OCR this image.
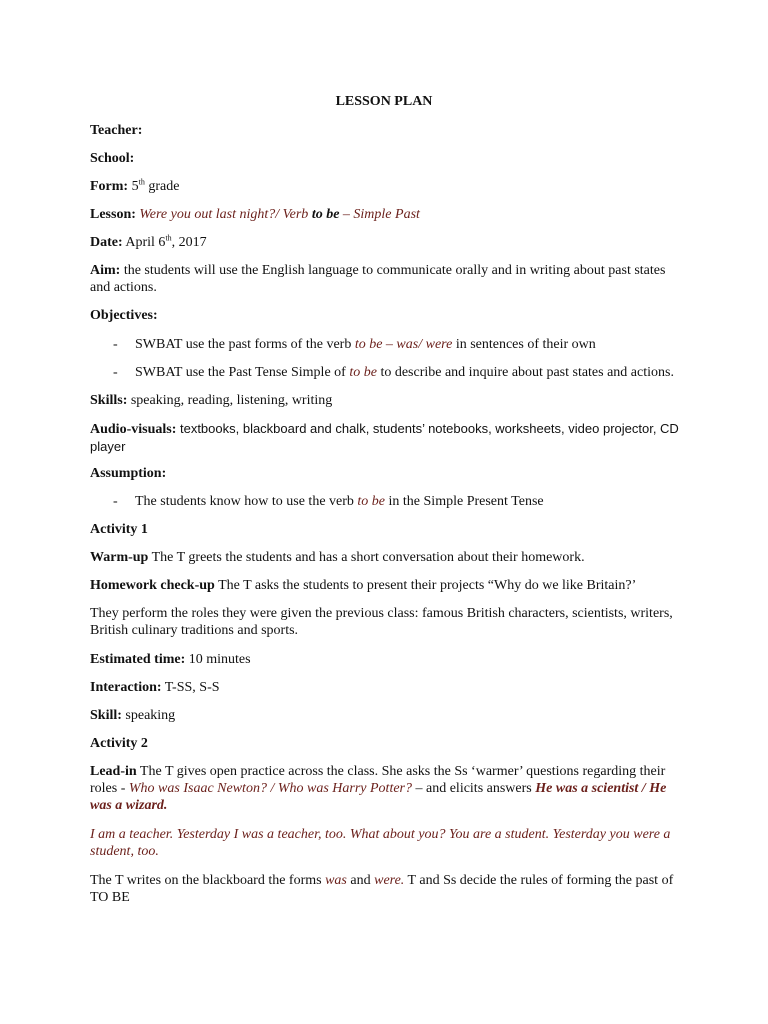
LESSON PLAN
Teacher:
School:
Form: 5th grade
Lesson: Were you out last night?/ Verb to be – Simple Past
Date: April 6th, 2017
Aim: the students will use the English language to communicate orally and in writing about past states and actions.
Objectives:
- SWBAT use the past forms of the verb to be – was/ were in sentences of their own
- SWBAT use the Past Tense Simple of to be to describe and inquire about past states and actions.
Skills: speaking, reading, listening, writing
Audio-visuals: textbooks, blackboard and chalk, students’ notebooks, worksheets, video projector, CD player
Assumption:
- The students know how to use the verb to be in the Simple Present Tense
Activity 1
Warm-up The T greets the students and has a short conversation about their homework.
Homework check-up The T asks the students to present their projects “Why do we like Britain?’
They perform the roles they were given the previous class: famous British characters, scientists, writers, British culinary traditions and sports.
Estimated time: 10 minutes
Interaction: T-SS, S-S
Skill: speaking
Activity 2
Lead-in The T gives open practice across the class. She asks the Ss ‘warmer’ questions regarding their roles - Who was Isaac Newton? / Who was Harry Potter? – and elicits answers He was a scientist / He was a wizard.
I am a teacher. Yesterday I was a teacher, too. What about you? You are a student. Yesterday you were a student, too.
The T writes on the blackboard the forms was and were. T and Ss decide the rules of forming the past of TO BE
